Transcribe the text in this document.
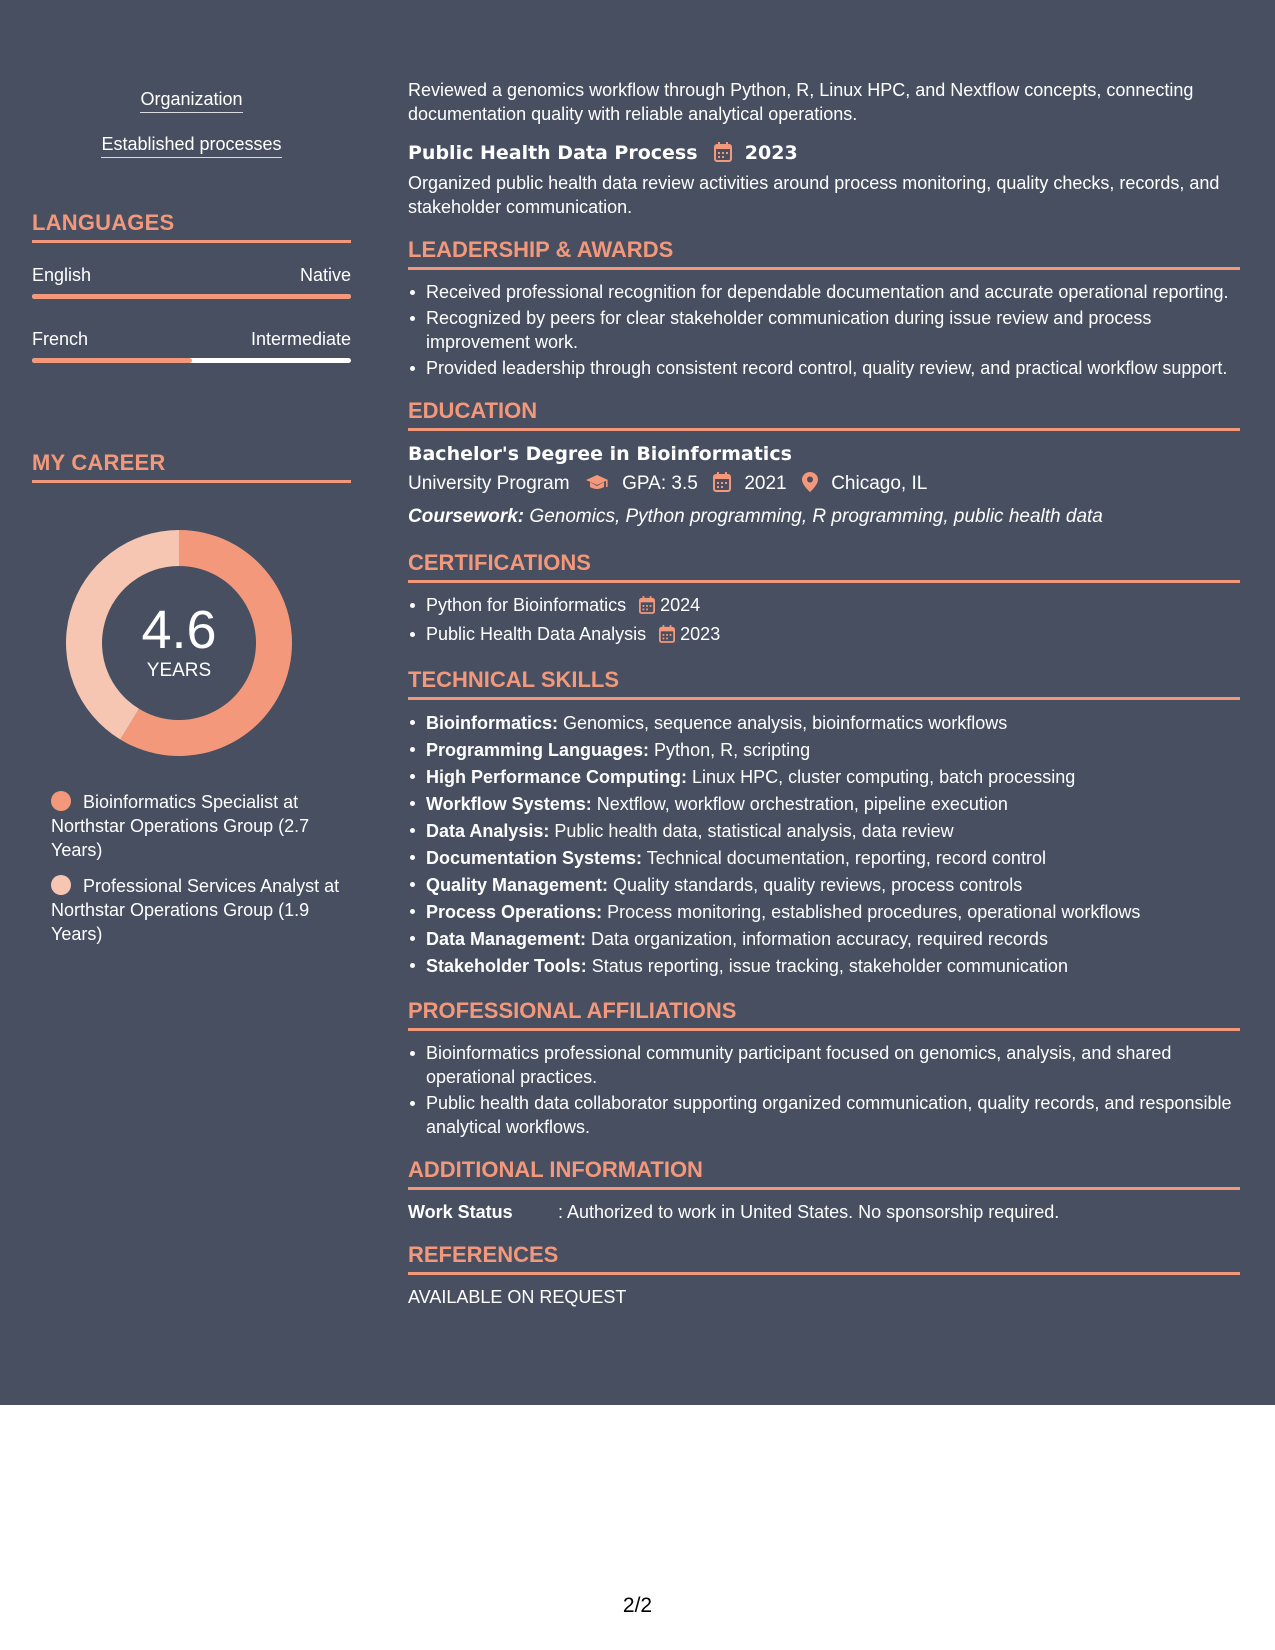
Organization
Established processes
LANGUAGES
English	Native
French	Intermediate
MY CAREER
4.6
YEARS
Bioinformatics Specialist at Northstar Operations Group (2.7 Years)
Professional Services Analyst at Northstar Operations Group (1.9 Years)
Reviewed a genomics workflow through Python, R, Linux HPC, and Nextflow concepts, connecting documentation quality with reliable analytical operations.
Public Health Data Process 2023
Organized public health data review activities around process monitoring, quality checks, records, and stakeholder communication.
LEADERSHIP & AWARDS
Received professional recognition for dependable documentation and accurate operational reporting.
Recognized by peers for clear stakeholder communication during issue review and process improvement work.
Provided leadership through consistent record control, quality review, and practical workflow support.
EDUCATION
Bachelor's Degree in Bioinformatics
University Program	GPA: 3.5 2021 Chicago, IL
Coursework: Genomics, Python programming, R programming, public health data
CERTIFICATIONS
Python for Bioinformatics 2024
Public Health Data Analysis 2023
TECHNICAL SKILLS
Bioinformatics: Genomics, sequence analysis, bioinformatics workflows
Programming Languages: Python, R, scripting
High Performance Computing: Linux HPC, cluster computing, batch processing
Workflow Systems: Nextflow, workflow orchestration, pipeline execution
Data Analysis: Public health data, statistical analysis, data review
Documentation Systems: Technical documentation, reporting, record control
Quality Management: Quality standards, quality reviews, process controls
Process Operations: Process monitoring, established procedures, operational workflows
Data Management: Data organization, information accuracy, required records
Stakeholder Tools: Status reporting, issue tracking, stakeholder communication
PROFESSIONAL AFFILIATIONS
Bioinformatics professional community participant focused on genomics, analysis, and shared operational practices.
Public health data collaborator supporting organized communication, quality records, and responsible analytical workflows.
ADDITIONAL INFORMATION
Work Status	: Authorized to work in United States. No sponsorship required.
REFERENCES
AVAILABLE ON REQUEST
2/2
